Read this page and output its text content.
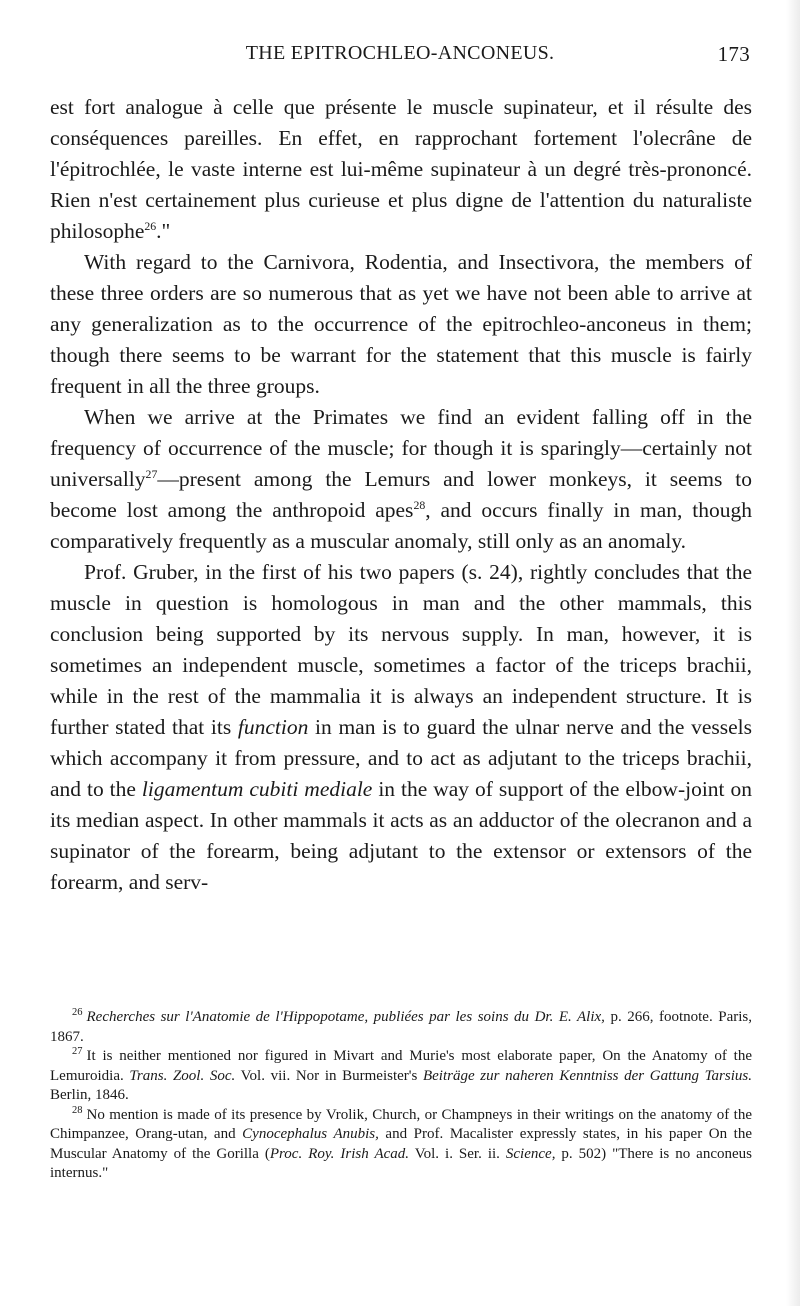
THE EPITROCHLEO-ANCONEUS.	173

est fort analogue à celle que présente le muscle supinateur, et il résulte des conséquences pareilles. En effet, en rapprochant fortement l'olecrâne de l'épitrochlée, le vaste interne est lui-même supinateur à un degré très-prononcé. Rien n'est certainement plus curieuse et plus digne de l'attention du naturaliste philosophe$^{26}$."

With regard to the Carnivora, Rodentia, and Insectivora, the members of these three orders are so numerous that as yet we have not been able to arrive at any generalization as to the occurrence of the epitrochleo-anconeus in them; though there seems to be warrant for the statement that this muscle is fairly frequent in all the three groups.

When we arrive at the Primates we find an evident falling off in the frequency of occurrence of the muscle; for though it is sparingly—certainly not universally$^{27}$—present among the Lemurs and lower monkeys, it seems to become lost among the anthropoid apes$^{28}$, and occurs finally in man, though comparatively frequently as a muscular anomaly, still only as an anomaly.

Prof. Gruber, in the first of his two papers (s. 24), rightly concludes that the muscle in question is homologous in man and the other mammals, this conclusion being supported by its nervous supply. In man, however, it is sometimes an independent muscle, sometimes a factor of the triceps brachii, while in the rest of the mammalia it is always an independent structure. It is further stated that its function in man is to guard the ulnar nerve and the vessels which accompany it from pressure, and to act as adjutant to the triceps brachii, and to the ligamentum cubiti mediale in the way of support of the elbow-joint on its median aspect. In other mammals it acts as an adductor of the olecranon and a supinator of the forearm, being adjutant to the extensor or extensors of the forearm, and serv-

$^{26}$ Recherches sur l'Anatomie de l'Hippopotame, publiées par les soins du Dr. E. Alix, p. 266, footnote. Paris, 1867.

$^{27}$ It is neither mentioned nor figured in Mivart and Murie's most elaborate paper, On the Anatomy of the Lemuroidia. Trans. Zool. Soc. Vol. vii. Nor in Burmeister's Beiträge zur naheren Kenntniss der Gattung Tarsius. Berlin, 1846.

$^{28}$ No mention is made of its presence by Vrolik, Church, or Champneys in their writings on the anatomy of the Chimpanzee, Orang-utan, and Cynocephalus Anubis, and Prof. Macalister expressly states, in his paper On the Muscular Anatomy of the Gorilla (Proc. Roy. Irish Acad. Vol. i. Ser. ii. Science, p. 502) "There is no anconeus internus."
